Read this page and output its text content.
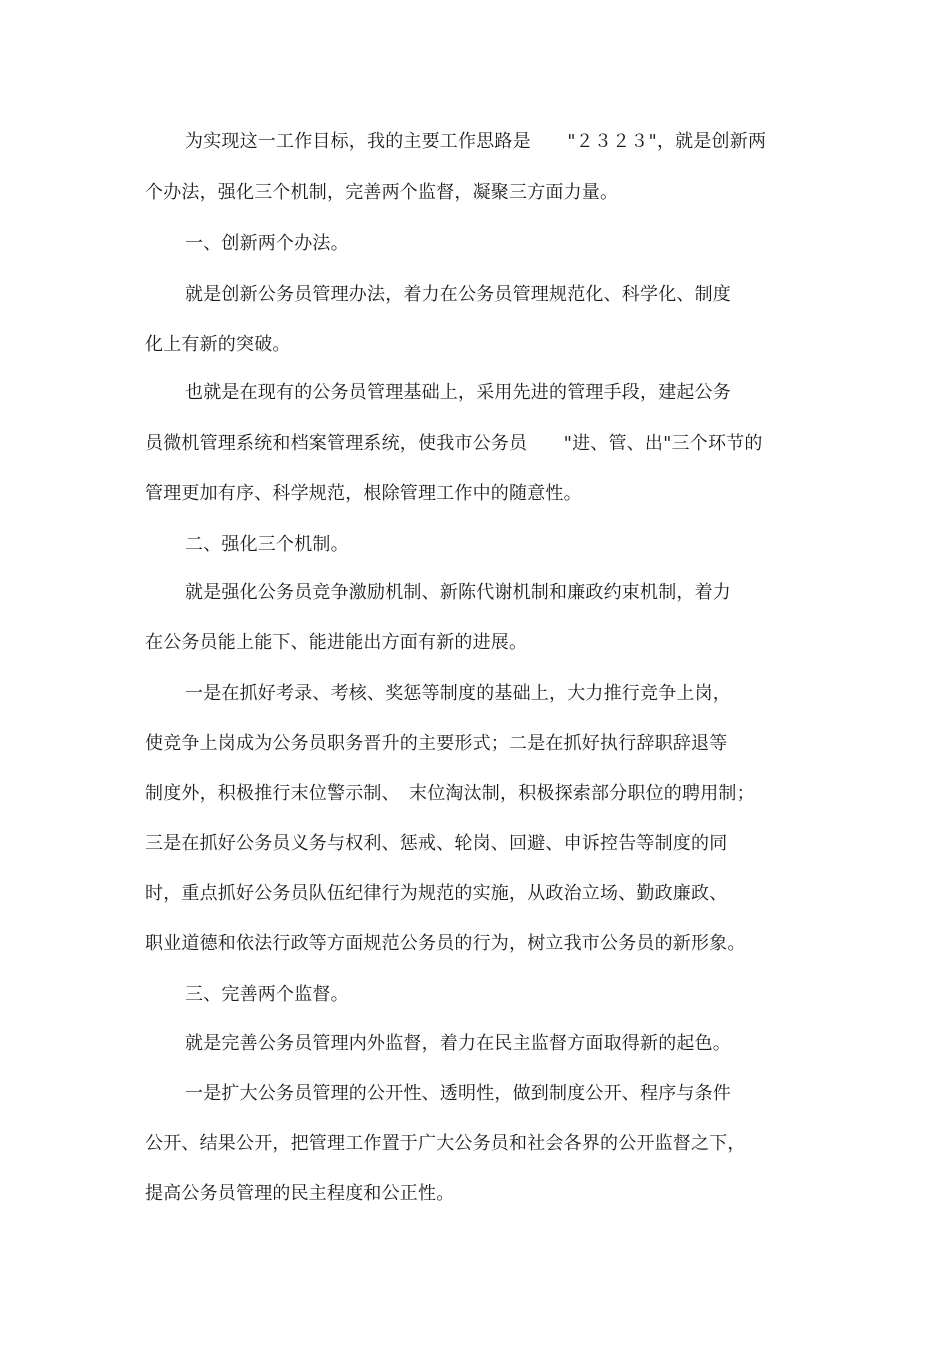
为实现这一工作目标，我的主要工作思路是　　"２３２３"，就是创新两
个办法，强化三个机制，完善两个监督，凝聚三方面力量。
一、创新两个办法。
就是创新公务员管理办法，着力在公务员管理规范化、科学化、制度
化上有新的突破。
也就是在现有的公务员管理基础上，采用先进的管理手段，建起公务
员微机管理系统和档案管理系统，使我市公务员　　"进、管、出"三个环节的
管理更加有序、科学规范，根除管理工作中的随意性。
二、强化三个机制。
就是强化公务员竞争激励机制、新陈代谢机制和廉政约束机制，着力
在公务员能上能下、能进能出方面有新的进展。
一是在抓好考录、考核、奖惩等制度的基础上，大力推行竞争上岗，
使竞争上岗成为公务员职务晋升的主要形式；二是在抓好执行辞职辞退等
制度外，积极推行末位警示制、　末位淘汰制，积极探索部分职位的聘用制；
三是在抓好公务员义务与权利、惩戒、轮岗、回避、申诉控告等制度的同
时，重点抓好公务员队伍纪律行为规范的实施，从政治立场、勤政廉政、
职业道德和依法行政等方面规范公务员的行为，树立我市公务员的新形象。
三、完善两个监督。
就是完善公务员管理内外监督，着力在民主监督方面取得新的起色。
一是扩大公务员管理的公开性、透明性，做到制度公开、程序与条件
公开、结果公开，把管理工作置于广大公务员和社会各界的公开监督之下，
提高公务员管理的民主程度和公正性。
